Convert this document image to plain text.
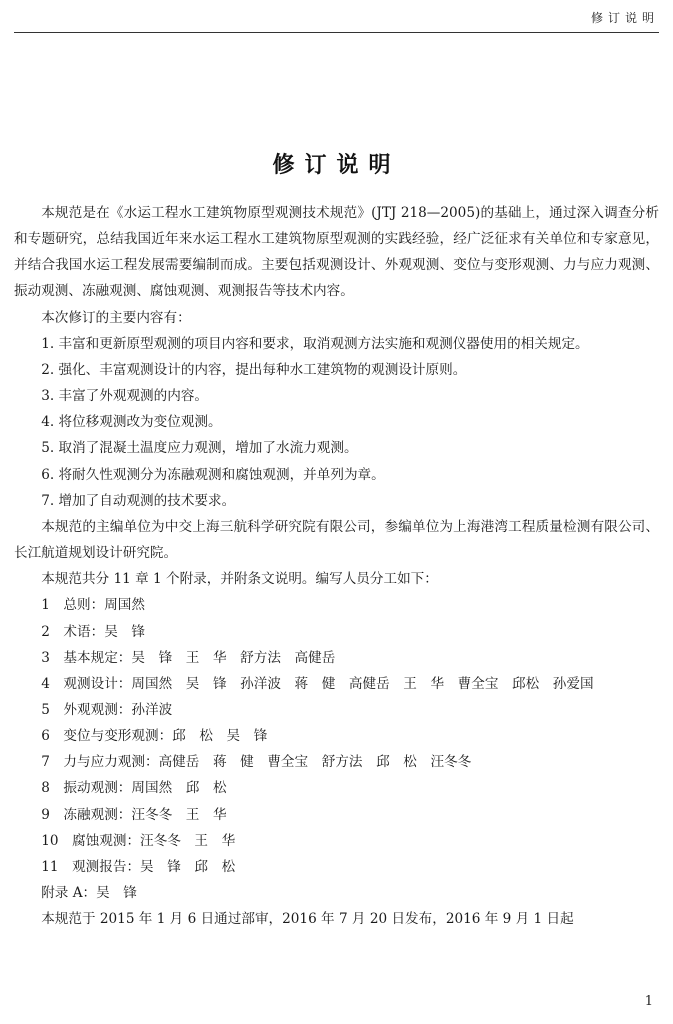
修订说明
修订说明

本规范是在《水运工程水工建筑物原型观测技术规范》(JTJ 218—2005)的基础上，通过深入调查分析和专题研究，总结我国近年来水运工程水工建筑物原型观测的实践经验，经广泛征求有关单位和专家意见，并结合我国水运工程发展需要编制而成。主要包括观测设计、外观观测、变位与变形观测、力与应力观测、振动观测、冻融观测、腐蚀观测、观测报告等技术内容。

本次修订的主要内容有：

1. 丰富和更新原型观测的项目内容和要求，取消观测方法实施和观测仪器使用的相关规定。

2. 强化、丰富观测设计的内容，提出每种水工建筑物的观测设计原则。

3. 丰富了外观观测的内容。

4. 将位移观测改为变位观测。

5. 取消了混凝土温度应力观测，增加了水流力观测。

6. 将耐久性观测分为冻融观测和腐蚀观测，并单列为章。

7. 增加了自动观测的技术要求。

本规范的主编单位为中交上海三航科学研究院有限公司，参编单位为上海港湾工程质量检测有限公司、长江航道规划设计研究院。

本规范共分 11 章 1 个附录，并附条文说明。编写人员分工如下：

1　总则：周国然

2　术语：吴　锋

3　基本规定：吴　锋　王　华　舒方法　高健岳

4　观测设计：周国然　吴　锋　孙洋波　蒋　健　高健岳　王　华　曹全宝　邱松　孙爱国

5　外观观测：孙洋波

6　变位与变形观测：邱　松　吴　锋

7　力与应力观测：高健岳　蒋　健　曹全宝　舒方法　邱　松　汪冬冬

8　振动观测：周国然　邱　松

9　冻融观测：汪冬冬　王　华

10　腐蚀观测：汪冬冬　王　华

11　观测报告：吴　锋　邱　松

附录 A：吴　锋

本规范于 2015 年 1 月 6 日通过部审，2016 年 7 月 20 日发布，2016 年 9 月 1 日起

1
